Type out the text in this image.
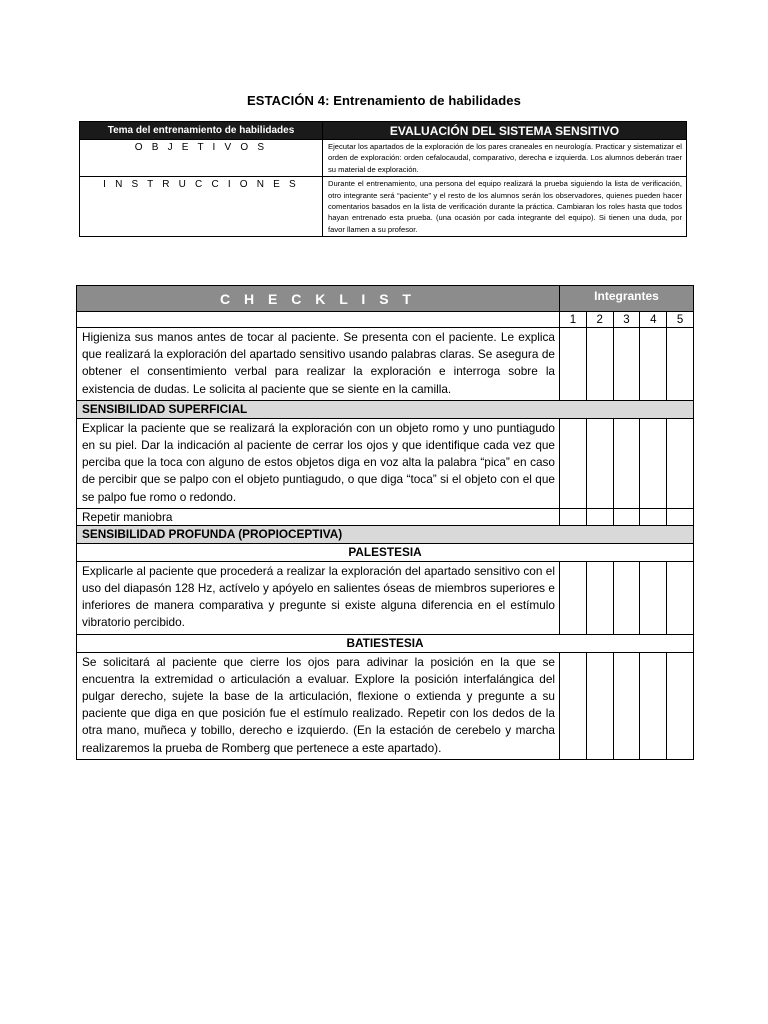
ESTACIÓN 4: Entrenamiento de habilidades
Tema del entrenamiento de habilidades	EVALUACIÓN DEL SISTEMA SENSITIVO
O B J E T I V O S	Ejecutar los apartados de la exploración de los pares craneales en neurología. Practicar y sistematizar el orden de exploración: orden cefalocaudal, comparativo, derecha e izquierda. Los alumnos deberán traer su material de exploración.
I N S T R U C C I O N E S	Durante el entrenamiento, una persona del equipo realizará la prueba siguiendo la lista de verificación, otro integrante será “paciente” y el resto de los alumnos serán los observadores, quienes pueden hacer comentarios basados en la lista de verificación durante la práctica. Cambiaran los roles hasta que todos hayan entrenado esta prueba. (una ocasión por cada integrante del equipo). Si tienen una duda, por favor llamen a su profesor.
C H E C K L I S T	Integrantes				
	1	2	3	4	5
Higieniza sus manos antes de tocar al paciente. Se presenta con el paciente. Le explica que realizará la exploración del apartado sensitivo usando palabras claras. Se asegura de obtener el consentimiento verbal para realizar la exploración e interroga sobre la existencia de dudas. Le solicita al paciente que se siente en la camilla.					
SENSIBILIDAD SUPERFICIAL					
Explicar la paciente que se realizará la exploración con un objeto romo y uno puntiagudo en su piel. Dar la indicación al paciente de cerrar los ojos y que identifique cada vez que perciba que la toca con alguno de estos objetos diga en voz alta la palabra “pica” en caso de percibir que se palpo con el objeto puntiagudo, o que diga “toca” si el objeto con el que se palpo fue romo o redondo.					
Repetir maniobra					
SENSIBILIDAD PROFUNDA (PROPIOCEPTIVA)					
PALESTESIA					
Explicarle al paciente que procederá a realizar la exploración del apartado sensitivo con el uso del diapasón 128 Hz, actívelo y apóyelo en salientes óseas de miembros superiores e inferiores de manera comparativa y pregunte si existe alguna diferencia en el estímulo vibratorio percibido.					
BATIESTESIA					
Se solicitará al paciente que cierre los ojos para adivinar la posición en la que se encuentra la extremidad o articulación a evaluar. Explore la posición interfalángica del pulgar derecho, sujete la base de la articulación, flexione o extienda y pregunte a su paciente que diga en que posición fue el estímulo realizado. Repetir con los dedos de la otra mano, muñeca y tobillo, derecho e izquierdo. (En la estación de cerebelo y marcha realizaremos la prueba de Romberg que pertenece a este apartado).					
